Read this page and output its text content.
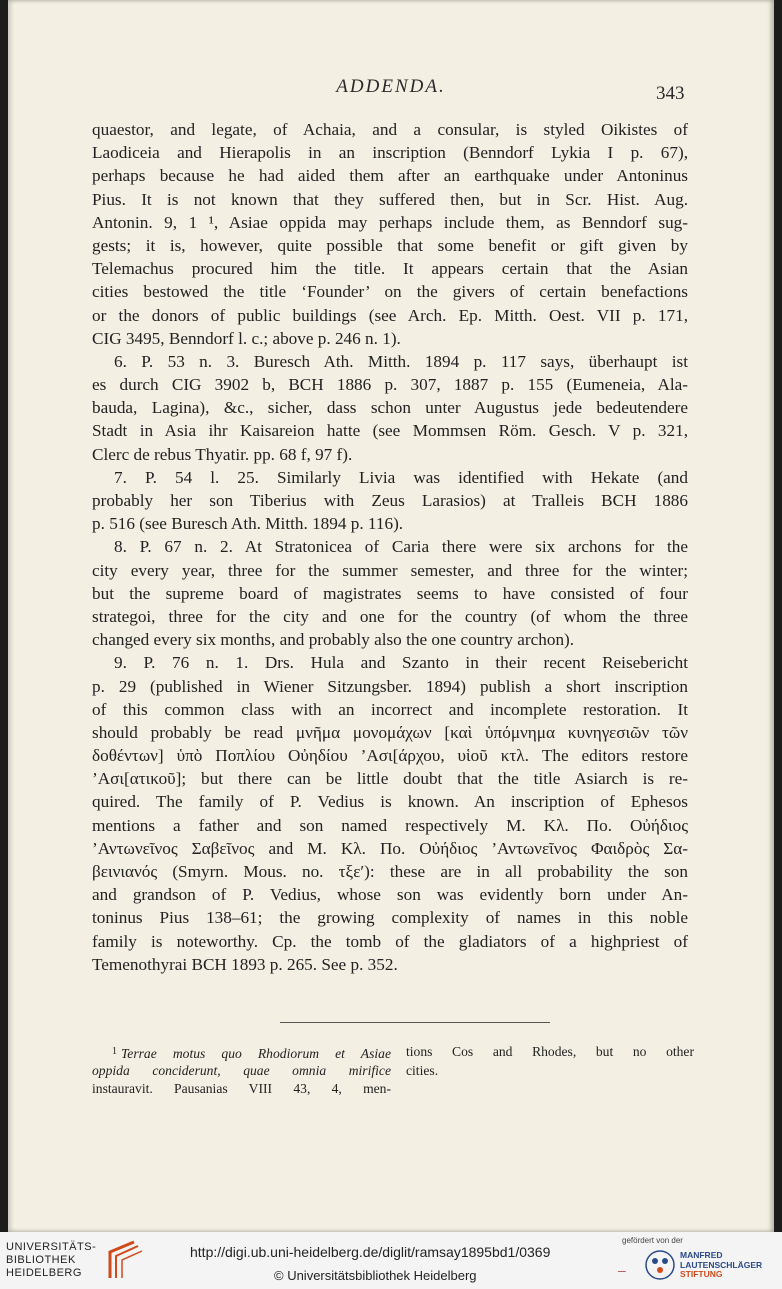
ADDENDA.	343
quaestor, and legate, of Achaia, and a consular, is styled Oikistes of
Laodiceia and Hierapolis in an inscription (Benndorf Lykia I p. 67),
perhaps because he had aided them after an earthquake under Antoninus
Pius. It is not known that they suffered then, but in Scr. Hist. Aug.
Antonin. 9, 1 ¹, Asiae oppida may perhaps include them, as Benndorf sug-
gests; it is, however, quite possible that some benefit or gift given by
Telemachus procured him the title. It appears certain that the Asian
cities bestowed the title ‘Founder’ on the givers of certain benefactions
or the donors of public buildings (see Arch. Ep. Mitth. Oest. VII p. 171,
CIG 3495, Benndorf l. c.; above p. 246 n. 1).
6. P. 53 n. 3. Buresch Ath. Mitth. 1894 p. 117 says, überhaupt ist
es durch CIG 3902 b, BCH 1886 p. 307, 1887 p. 155 (Eumeneia, Ala-
bauda, Lagina), &c., sicher, dass schon unter Augustus jede bedeutendere
Stadt in Asia ihr Kaisareion hatte (see Mommsen Röm. Gesch. V p. 321,
Clerc de rebus Thyatir. pp. 68 f, 97 f).
7. P. 54 l. 25. Similarly Livia was identified with Hekate (and
probably her son Tiberius with Zeus Larasios) at Tralleis BCH 1886
p. 516 (see Buresch Ath. Mitth. 1894 p. 116).
8. P. 67 n. 2. At Stratonicea of Caria there were six archons for the
city every year, three for the summer semester, and three for the winter;
but the supreme board of magistrates seems to have consisted of four
strategoi, three for the city and one for the country (of whom the three
changed every six months, and probably also the one country archon).
9. P. 76 n. 1. Drs. Hula and Szanto in their recent Reisebericht
p. 29 (published in Wiener Sitzungsber. 1894) publish a short inscription
of this common class with an incorrect and incomplete restoration. It
should probably be read μνῆμα μονομάχων [καὶ ὑπόμνημα κυνηγεσιῶν τῶν
δοθέντων] ὑπὸ Ποπλίου Οὐηδίου ’Ασι[άρχου, υἱοῦ κτλ. The editors restore
’Ασι[ατικοῦ]; but there can be little doubt that the title Asiarch is re-
quired. The family of P. Vedius is known. An inscription of Ephesos
mentions a father and son named respectively Μ. Κλ. Πο. Οὐήδιος
’Αντωνεῖνος Σαβεῖνος and Μ. Κλ. Πο. Οὐήδιος ’Αντωνεῖνος Φαιδρὸς Σα-
βεινιανός (Smyrn. Mous. no. τξε′): these are in all probability the son
and grandson of P. Vedius, whose son was evidently born under An-
toninus Pius 138–61; the growing complexity of names in this noble
family is noteworthy. Cp. the tomb of the gladiators of a highpriest of
Temenothyrai BCH 1893 p. 265. See p. 352.
$^1$ Terrae motus quo Rhodiorum et Asiae
oppida conciderunt, quae omnia mirifice
instauravit. Pausanias VIII 43, 4, men-
tions Cos and Rhodes, but no other
cities.
UNIVERSITÄTS-
BIBLIOTHEK
HEIDELBERG
http://digi.ub.uni-heidelberg.de/diglit/ramsay1895bd1/0369
© Universitätsbibliothek Heidelberg
gefördert von der
–
MANFRED
LAUTENSCHLÄGER
STIFTUNG
